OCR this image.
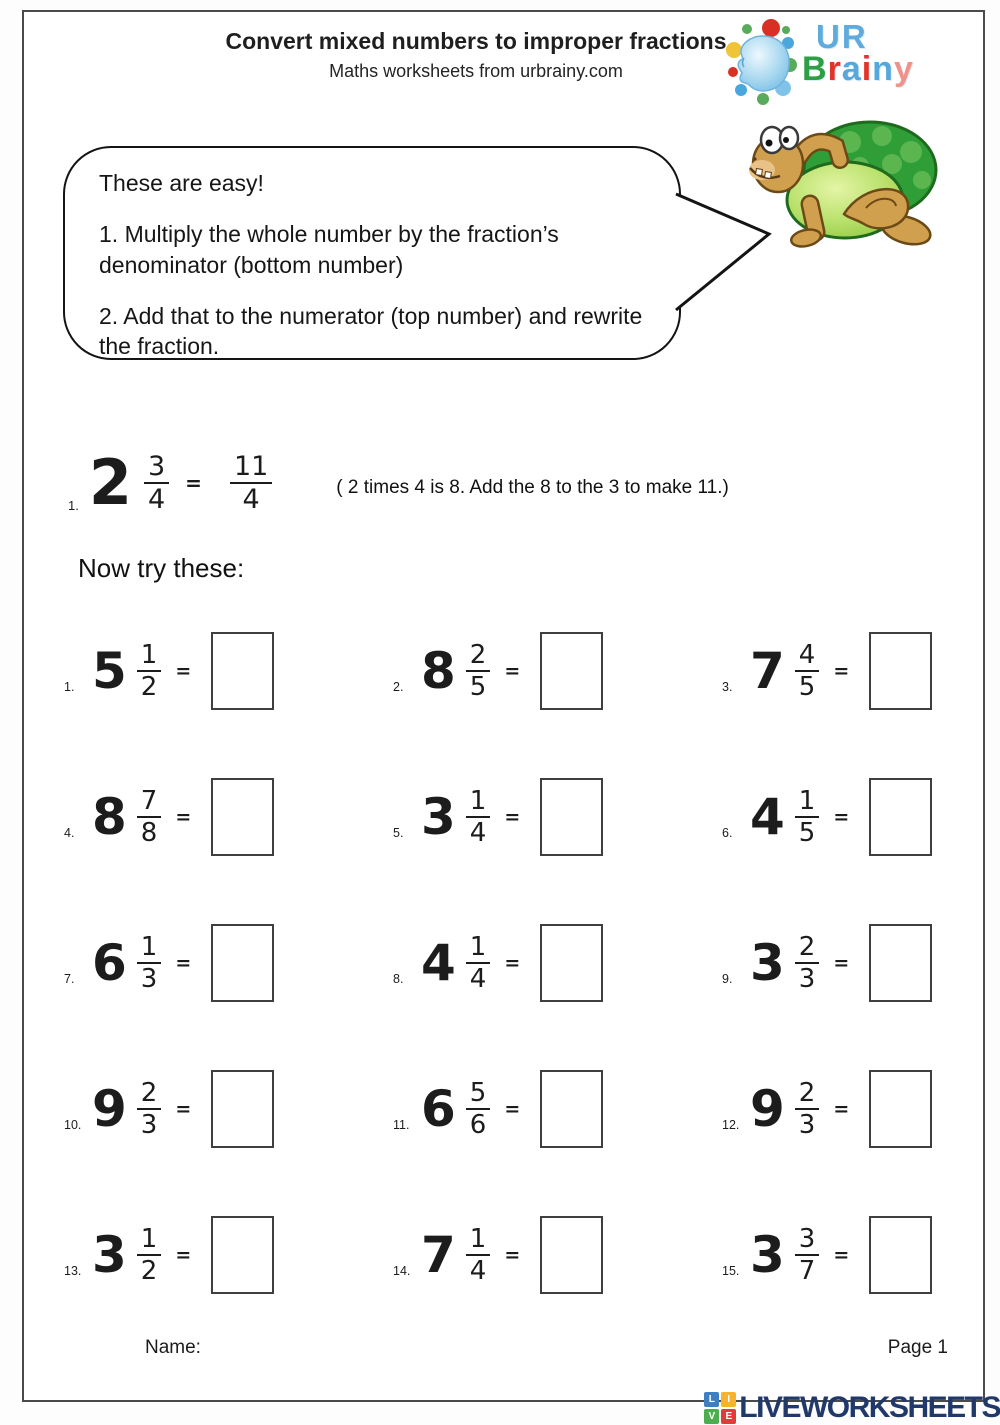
Convert mixed numbers to improper fractions
Maths worksheets from urbrainy.com
UR
Brainy

These are easy!

1. Multiply the whole number by the fraction’s denominator (bottom number)

2. Add that to the numerator (top number) and rewrite the fraction.

1. $2 \frac{3}{4} = \frac{11}{4}$	( 2 times 4 is 8. Add the 8 to the 3 to make 11.)
Now try these:
1. $5 \frac{1}{2}$ =
2. $8 \frac{2}{5}$ =
3. $7 \frac{4}{5}$ =
4. $8 \frac{7}{8}$ =
5. $3 \frac{1}{4}$ =
6. $4 \frac{1}{5}$ =
7. $6 \frac{1}{3}$ =
8. $4 \frac{1}{4}$ =
9. $3 \frac{2}{3}$ =
10. $9 \frac{2}{3}$ =
11. $6 \frac{5}{6}$ =
12. $9 \frac{2}{3}$ =
13. $3 \frac{1}{2}$ =
14. $7 \frac{1}{4}$ =
15. $3 \frac{3}{7}$ =
Name:	Page 1
L	I
V	E LIVEWORKSHEETS
